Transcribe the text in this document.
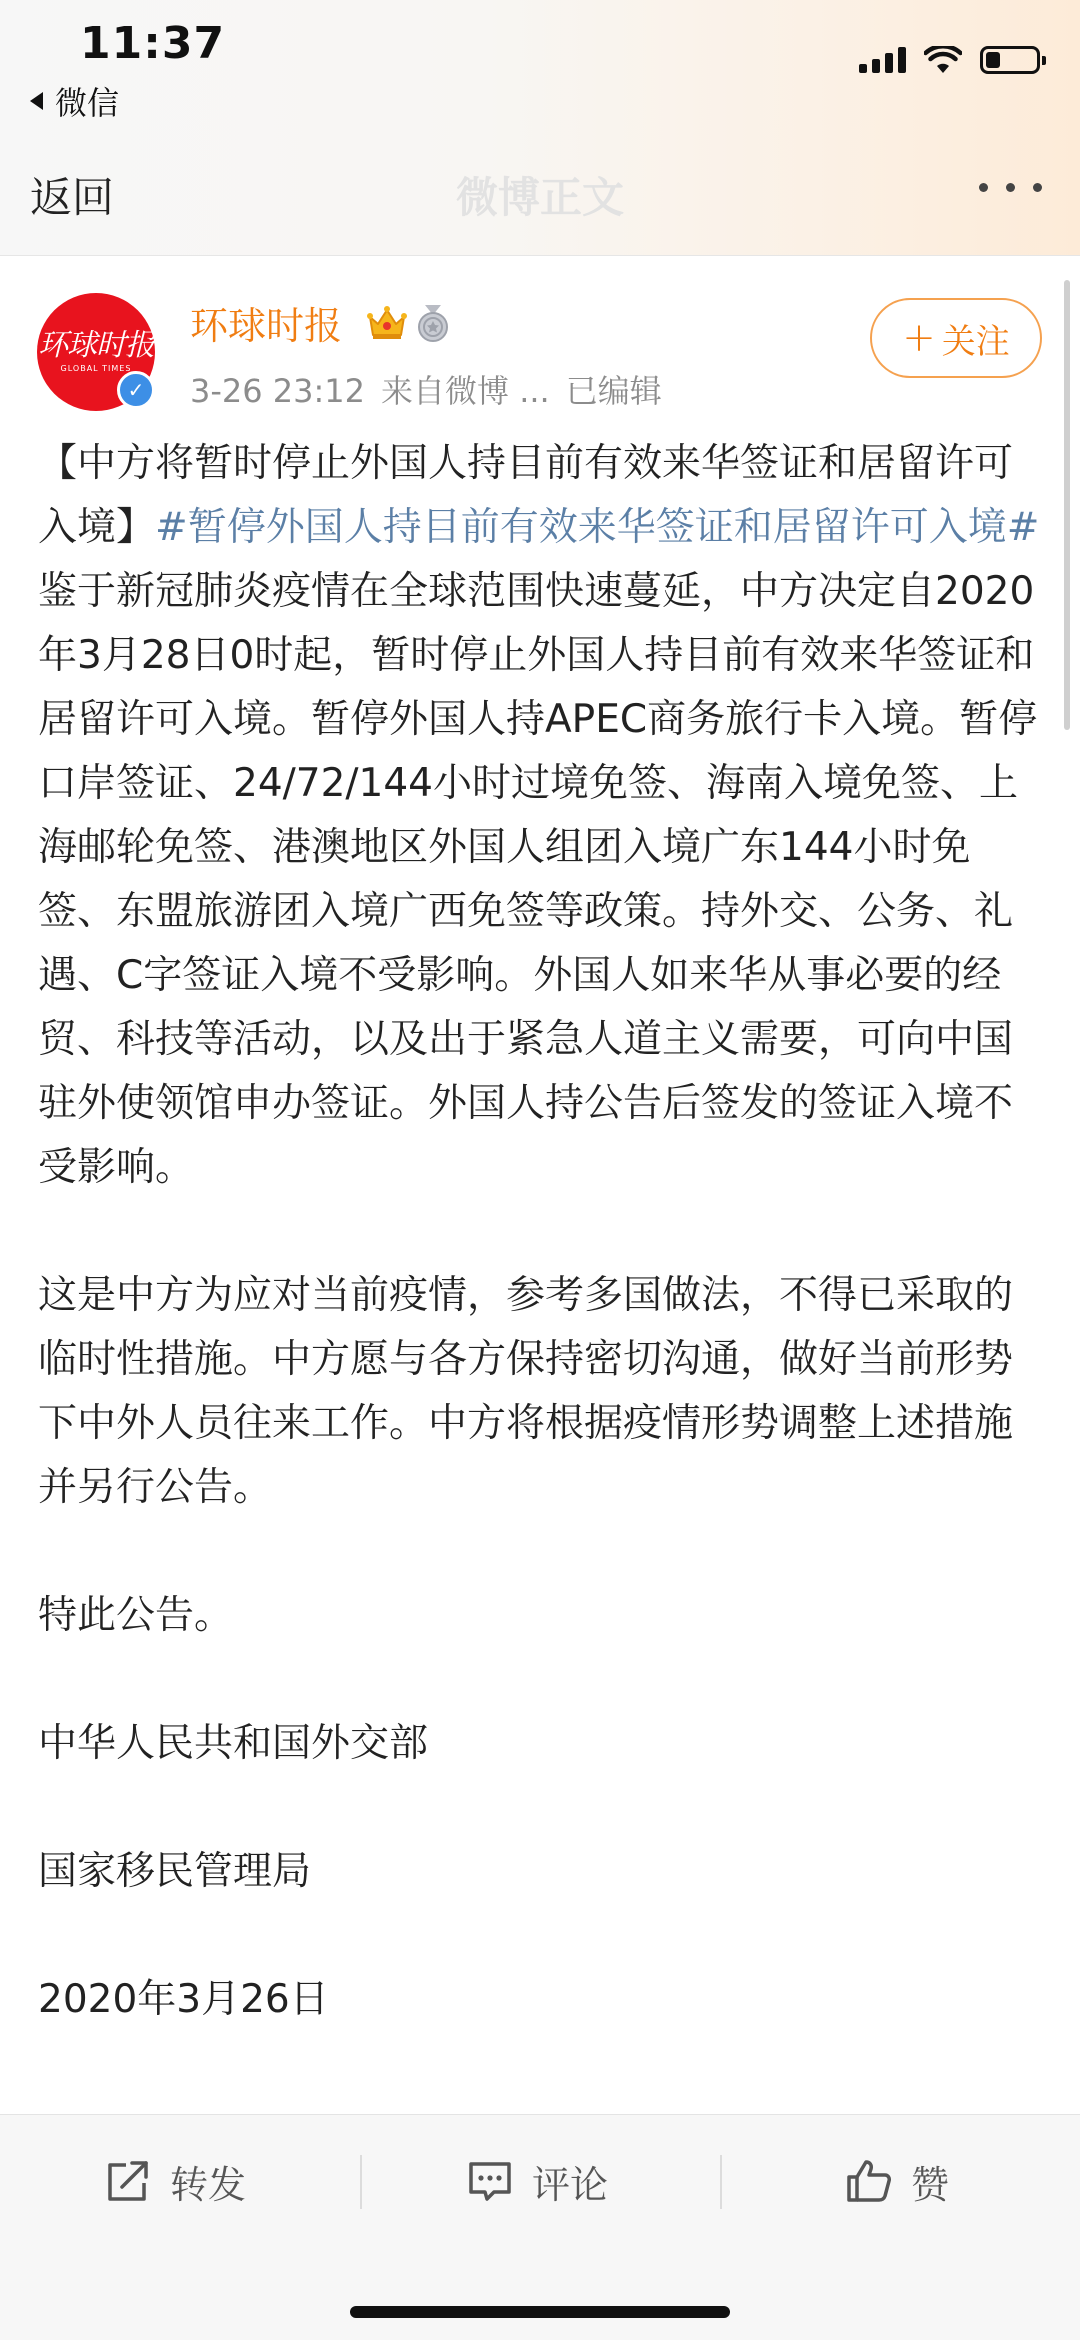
11:37
微信
返回	微博正文
环球时报
GLOBAL TIMES
✓
环球时报
3-26 23:12 来自微博 ... 已编辑
+ 关注

【中方将暂时停止外国人持目前有效来华签证和居留许可入境】#暂停外国人持目前有效来华签证和居留许可入境# 鉴于新冠肺炎疫情在全球范围快速蔓延，中方决定自2020年3月28日0时起，暂时停止外国人持目前有效来华签证和居留许可入境。暂停外国人持APEC商务旅行卡入境。暂停口岸签证、24/72/144小时过境免签、海南入境免签、上海邮轮免签、港澳地区外国人组团入境广东144小时免签、东盟旅游团入境广西免签等政策。持外交、公务、礼遇、C字签证入境不受影响。外国人如来华从事必要的经贸、科技等活动，以及出于紧急人道主义需要，可向中国驻外使领馆申办签证。外国人持公告后签发的签证入境不受影响。

这是中方为应对当前疫情，参考多国做法，不得已采取的临时性措施。中方愿与各方保持密切沟通，做好当前形势下中外人员往来工作。中方将根据疫情形势调整上述措施并另行公告。

特此公告。

中华人民共和国外交部

国家移民管理局

2020年3月26日

转发	评论	赞
